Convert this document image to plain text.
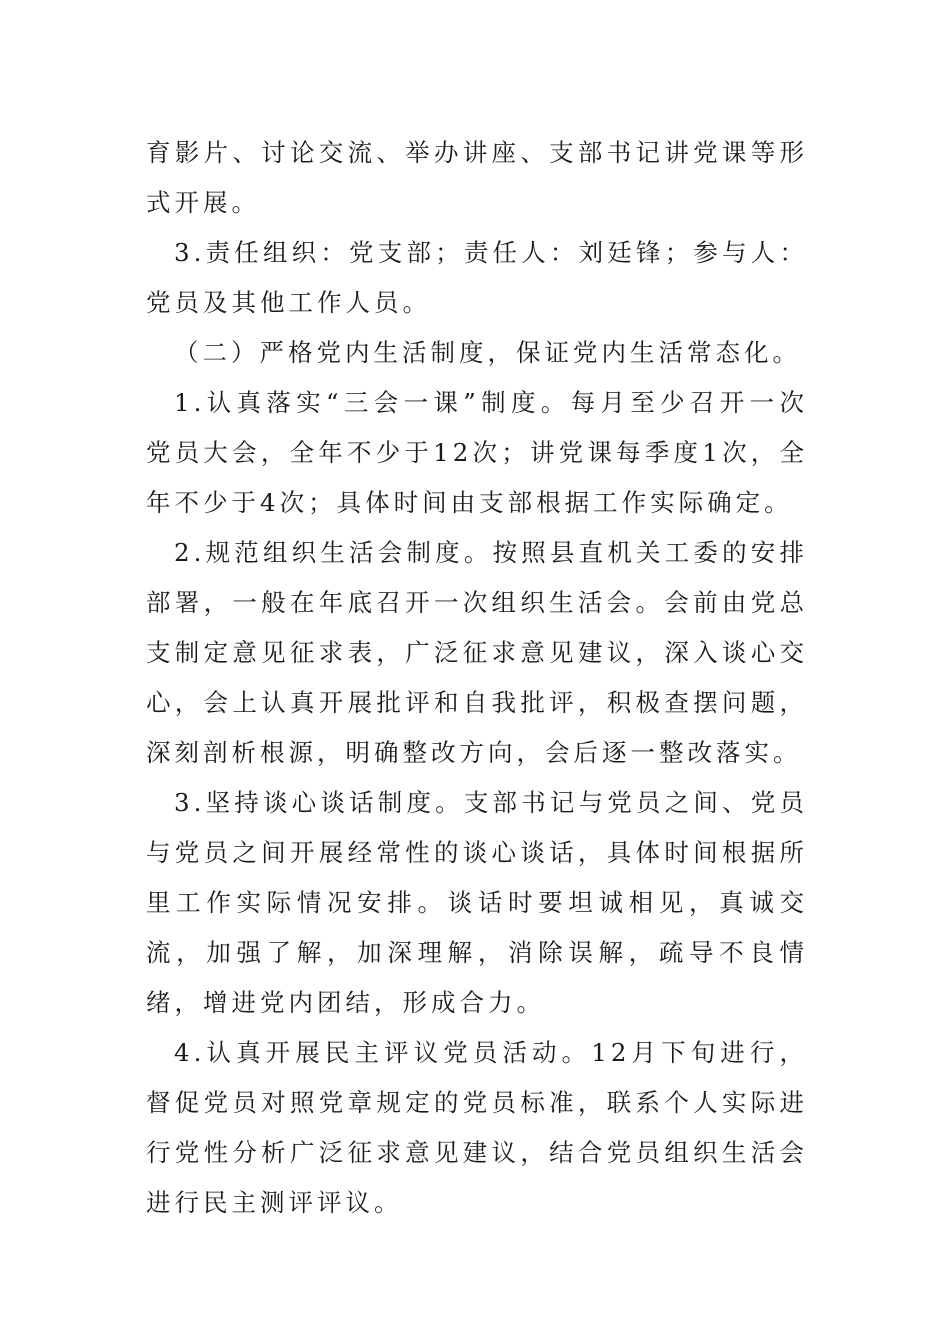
育影片、讨论交流、举办讲座、支部书记讲党课等形式开展。

3.责任组织：党支部；责任人：刘廷锋；参与人：党员及其他工作人员。

（二）严格党内生活制度，保证党内生活常态化。

1.认真落实“三会一课”制度。每月至少召开一次党员大会，全年不少于12次；讲党课每季度1次，全年不少于4次；具体时间由支部根据工作实际确定。

2.规范组织生活会制度。按照县直机关工委的安排部署，一般在年底召开一次组织生活会。会前由党总支制定意见征求表，广泛征求意见建议，深入谈心交心，会上认真开展批评和自我批评，积极查摆问题，深刻剖析根源，明确整改方向，会后逐一整改落实。

3.坚持谈心谈话制度。支部书记与党员之间、党员与党员之间开展经常性的谈心谈话，具体时间根据所里工作实际情况安排。谈话时要坦诚相见，真诚交流，加强了解，加深理解，消除误解，疏导不良情绪，增进党内团结，形成合力。

4.认真开展民主评议党员活动。12月下旬进行，督促党员对照党章规定的党员标准，联系个人实际进行党性分析广泛征求意见建议，结合党员组织生活会进行民主测评评议。
